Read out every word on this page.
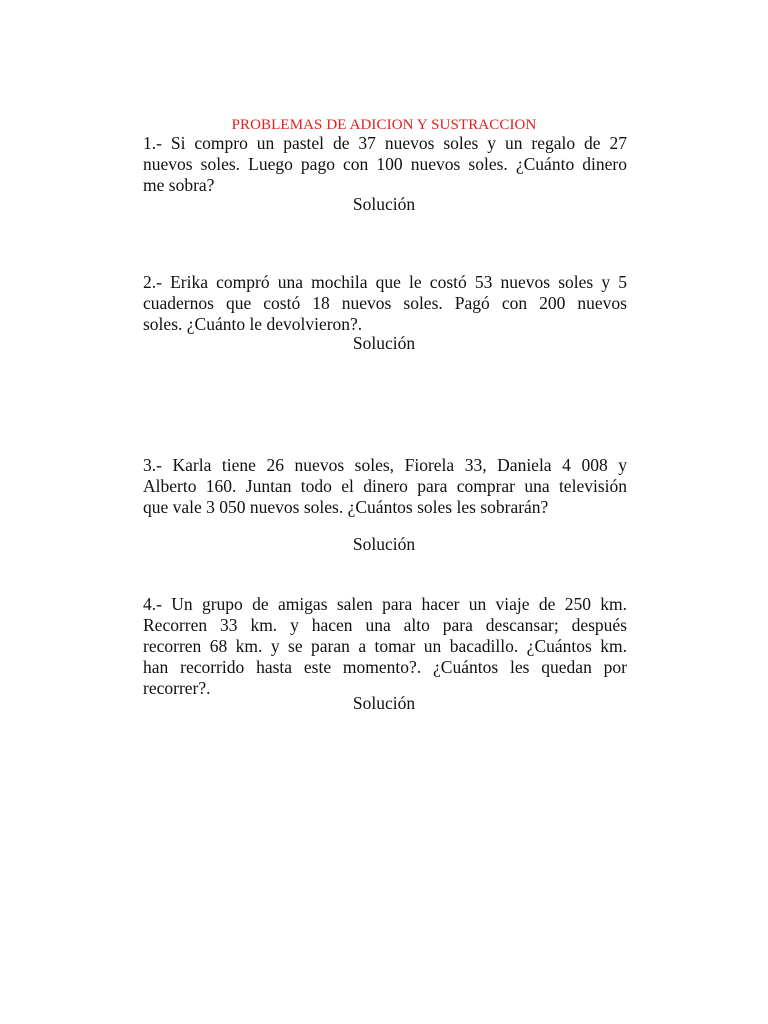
PROBLEMAS DE ADICION Y SUSTRACCION
1.- Si compro un pastel de 37 nuevos soles y un regalo de 27
nuevos soles. Luego pago con 100 nuevos soles. ¿Cuánto dinero
me sobra?
Solución
2.- Erika compró una mochila que le costó 53 nuevos soles y 5
cuadernos que costó 18 nuevos soles. Pagó con 200 nuevos
soles. ¿Cuánto le devolvieron?.
Solución
3.- Karla tiene 26 nuevos soles, Fiorela 33, Daniela 4 008 y
Alberto 160. Juntan todo el dinero para comprar una televisión
que vale 3 050 nuevos soles. ¿Cuántos soles les sobrarán?
Solución
4.- Un grupo de amigas salen para hacer un viaje de 250 km.
Recorren 33 km. y hacen una alto para descansar; después
recorren 68 km. y se paran a tomar un bacadillo. ¿Cuántos km.
han recorrido hasta este momento?. ¿Cuántos les quedan por
recorrer?.
Solución
